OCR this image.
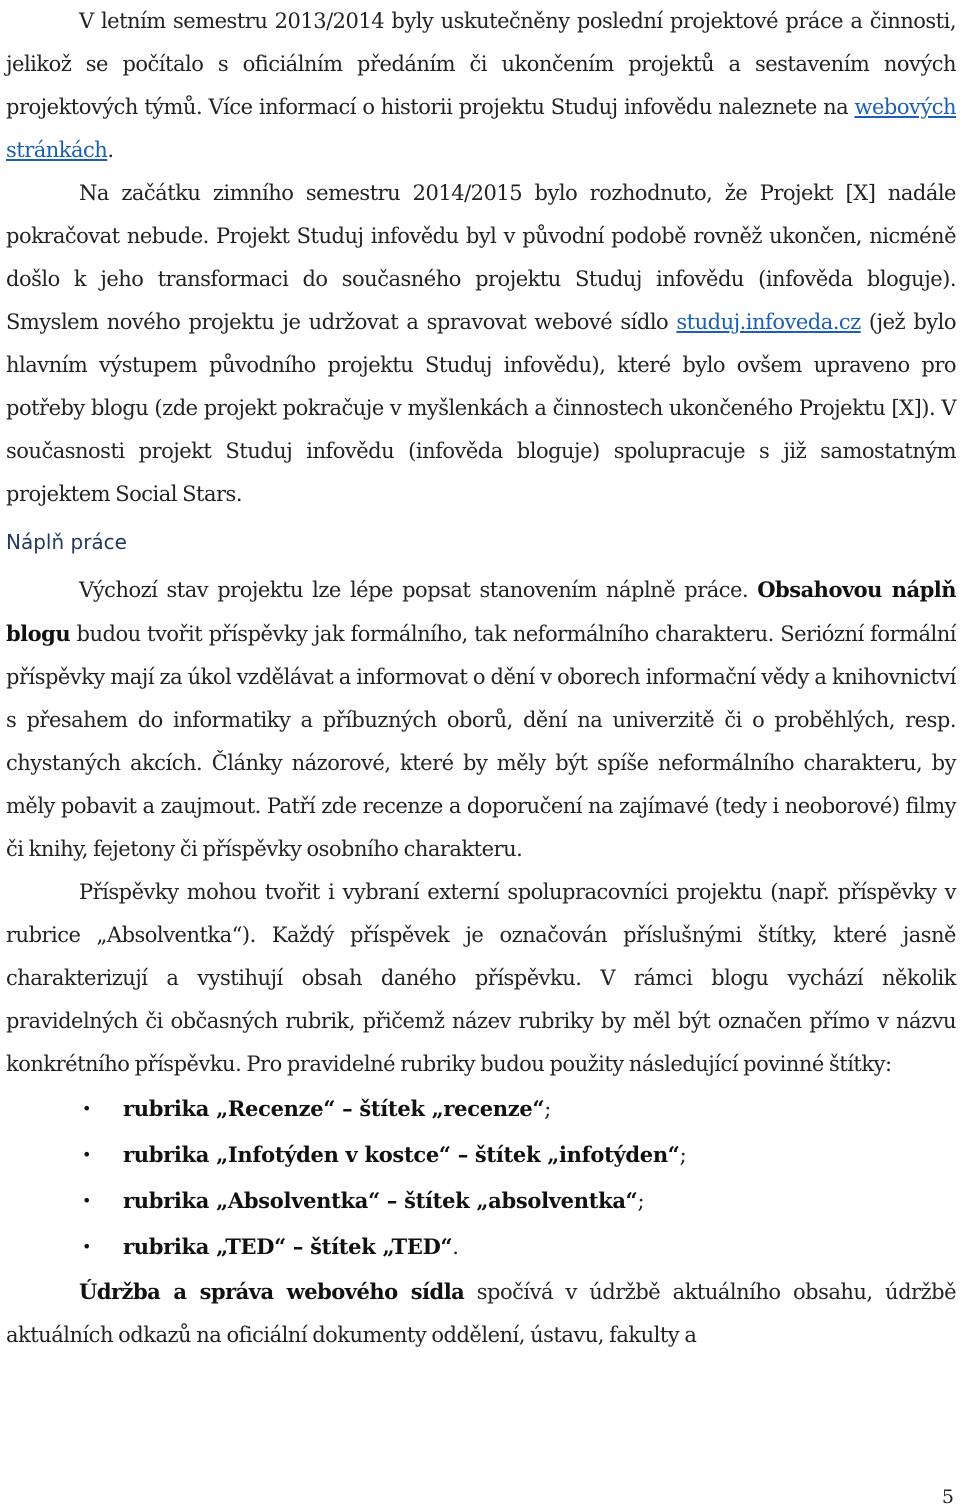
V letním semestru 2013/2014 byly uskutečněny poslední projektové práce a činnosti, jelikož se počítalo s oficiálním předáním či ukončením projektů a sestavením nových projektových týmů. Více informací o historii projektu Studuj infovědu naleznete na webových stránkách.

Na začátku zimního semestru 2014/2015 bylo rozhodnuto, že Projekt [X] nadále pokračovat nebude. Projekt Studuj infovědu byl v původní podobě rovněž ukončen, nicméně došlo k jeho transformaci do současného projektu Studuj infovědu (infověda bloguje). Smyslem nového projektu je udržovat a spravovat webové sídlo studuj.infoveda.cz (jež bylo hlavním výstupem původního projektu Studuj infovědu), které bylo ovšem upraveno pro potřeby blogu (zde projekt pokračuje v myšlenkách a činnostech ukončeného Projektu [X]). V současnosti projekt Studuj infovědu (infověda bloguje) spolupracuje s již samostatným projektem Social Stars.

Náplň práce

Výchozí stav projektu lze lépe popsat stanovením náplně práce. Obsahovou náplň blogu budou tvořit příspěvky jak formálního, tak neformálního charakteru. Seriózní formální příspěvky mají za úkol vzdělávat a informovat o dění v oborech informační vědy a knihovnictví s přesahem do informatiky a příbuzných oborů, dění na univerzitě či o proběhlých, resp. chystaných akcích. Články názorové, které by měly být spíše neformálního charakteru, by měly pobavit a zaujmout. Patří zde recenze a doporučení na zajímavé (tedy i neoborové) filmy či knihy, fejetony či příspěvky osobního charakteru.

Příspěvky mohou tvořit i vybraní externí spolupracovníci projektu (např. příspěvky v rubrice „Absolventka“). Každý příspěvek je označován příslušnými štítky, které jasně charakterizují a vystihují obsah daného příspěvku. V rámci blogu vychází několik pravidelných či občasných rubrik, přičemž název rubriky by měl být označen přímo v názvu konkrétního příspěvku. Pro pravidelné rubriky budou použity následující povinné štítky:

• rubrika „Recenze“ – štítek „recenze“;
• rubrika „Infotýden v kostce“ – štítek „infotýden“;
• rubrika „Absolventka“ – štítek „absolventka“;
• rubrika „TED“ – štítek „TED“.

Údržba a správa webového sídla spočívá v údržbě aktuálního obsahu, údržbě aktuálních odkazů na oficiální dokumenty oddělení, ústavu, fakulty a

5
